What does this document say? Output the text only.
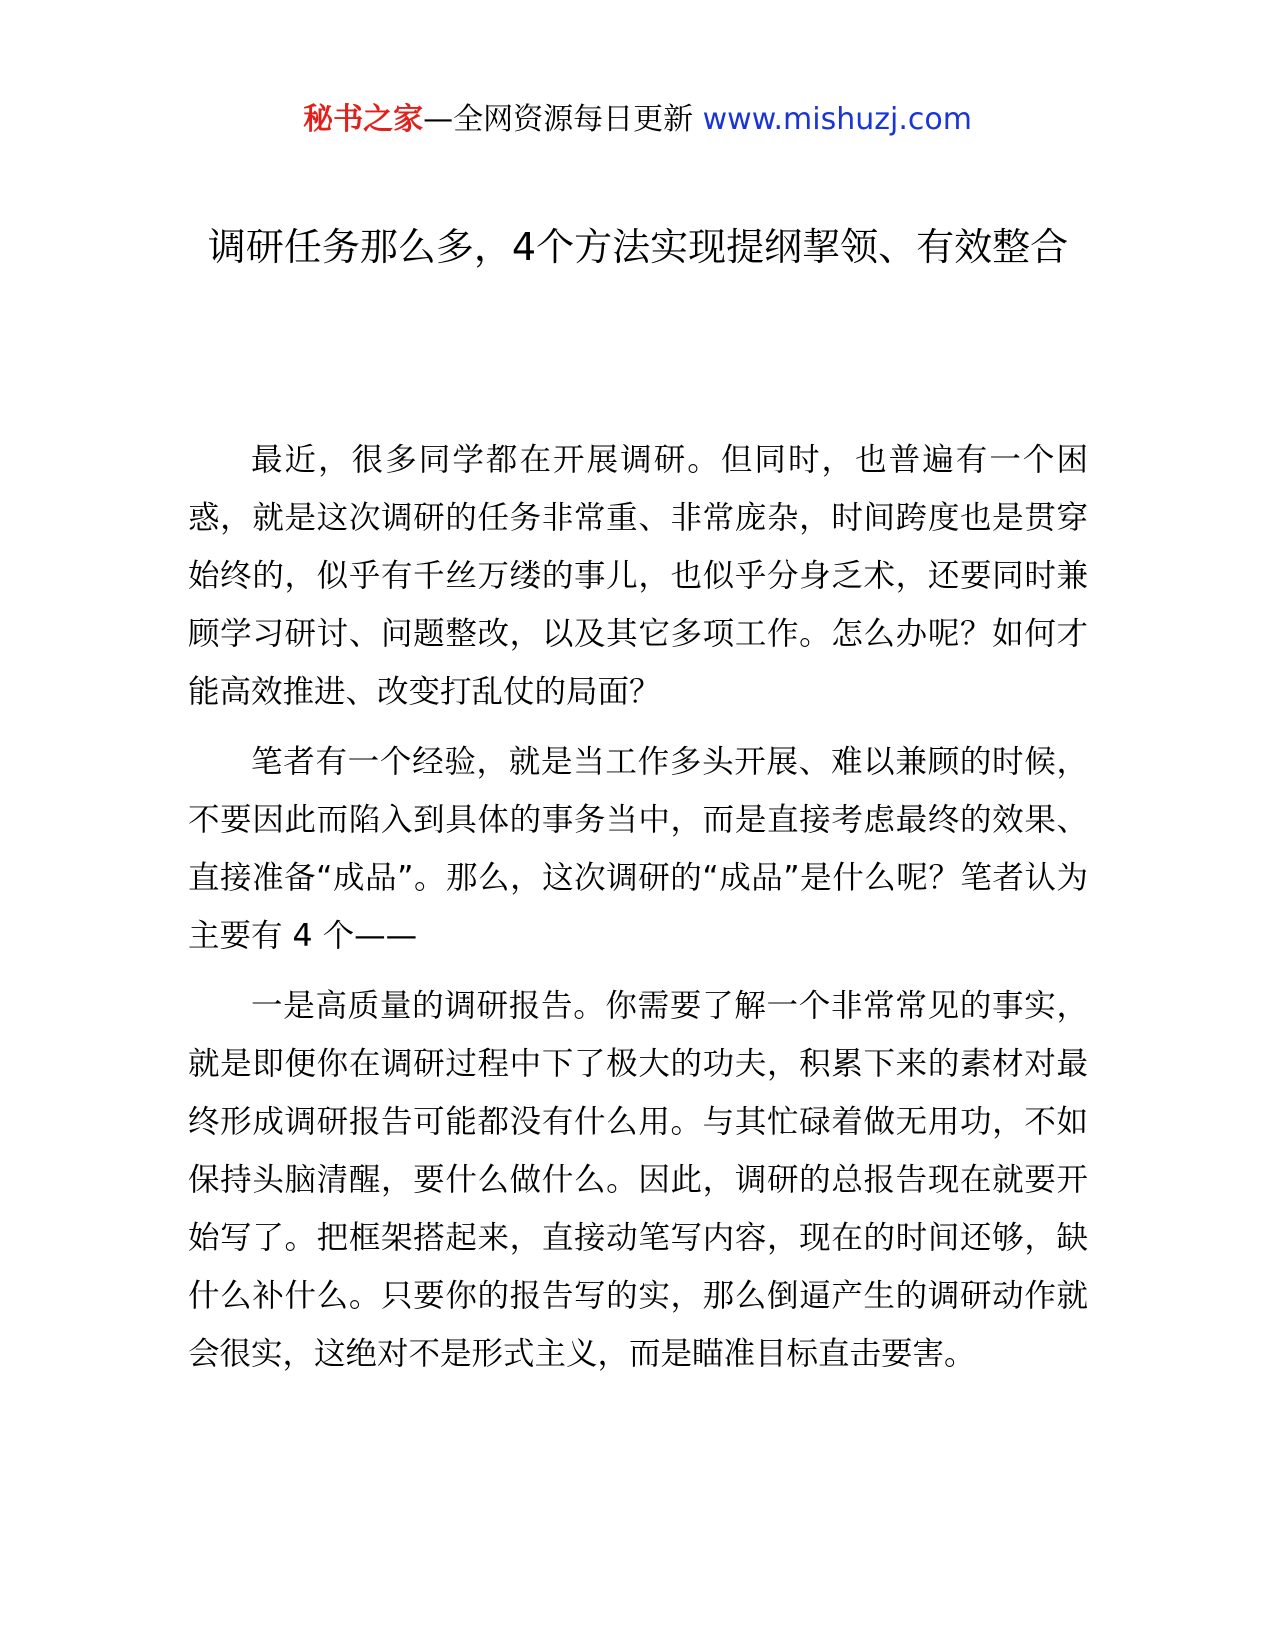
秘书之家—全网资源每日更新 www.mishuzj.com
调研任务那么多，4个方法实现提纲挈领、有效整合

最近，很多同学都在开展调研。但同时，也普遍有一个困惑，就是这次调研的任务非常重、非常庞杂，时间跨度也是贯穿始终的，似乎有千丝万缕的事儿，也似乎分身乏术，还要同时兼顾学习研讨、问题整改，以及其它多项工作。怎么办呢？如何才能高效推进、改变打乱仗的局面？

笔者有一个经验，就是当工作多头开展、难以兼顾的时候，不要因此而陷入到具体的事务当中，而是直接考虑最终的效果、直接准备“成品”。那么，这次调研的“成品”是什么呢？笔者认为主要有 4 个——

一是高质量的调研报告。你需要了解一个非常常见的事实，就是即便你在调研过程中下了极大的功夫，积累下来的素材对最终形成调研报告可能都没有什么用。与其忙碌着做无用功，不如保持头脑清醒，要什么做什么。因此，调研的总报告现在就要开始写了。把框架搭起来，直接动笔写内容，现在的时间还够，缺什么补什么。只要你的报告写的实，那么倒逼产生的调研动作就会很实，这绝对不是形式主义，而是瞄准目标直击要害。
